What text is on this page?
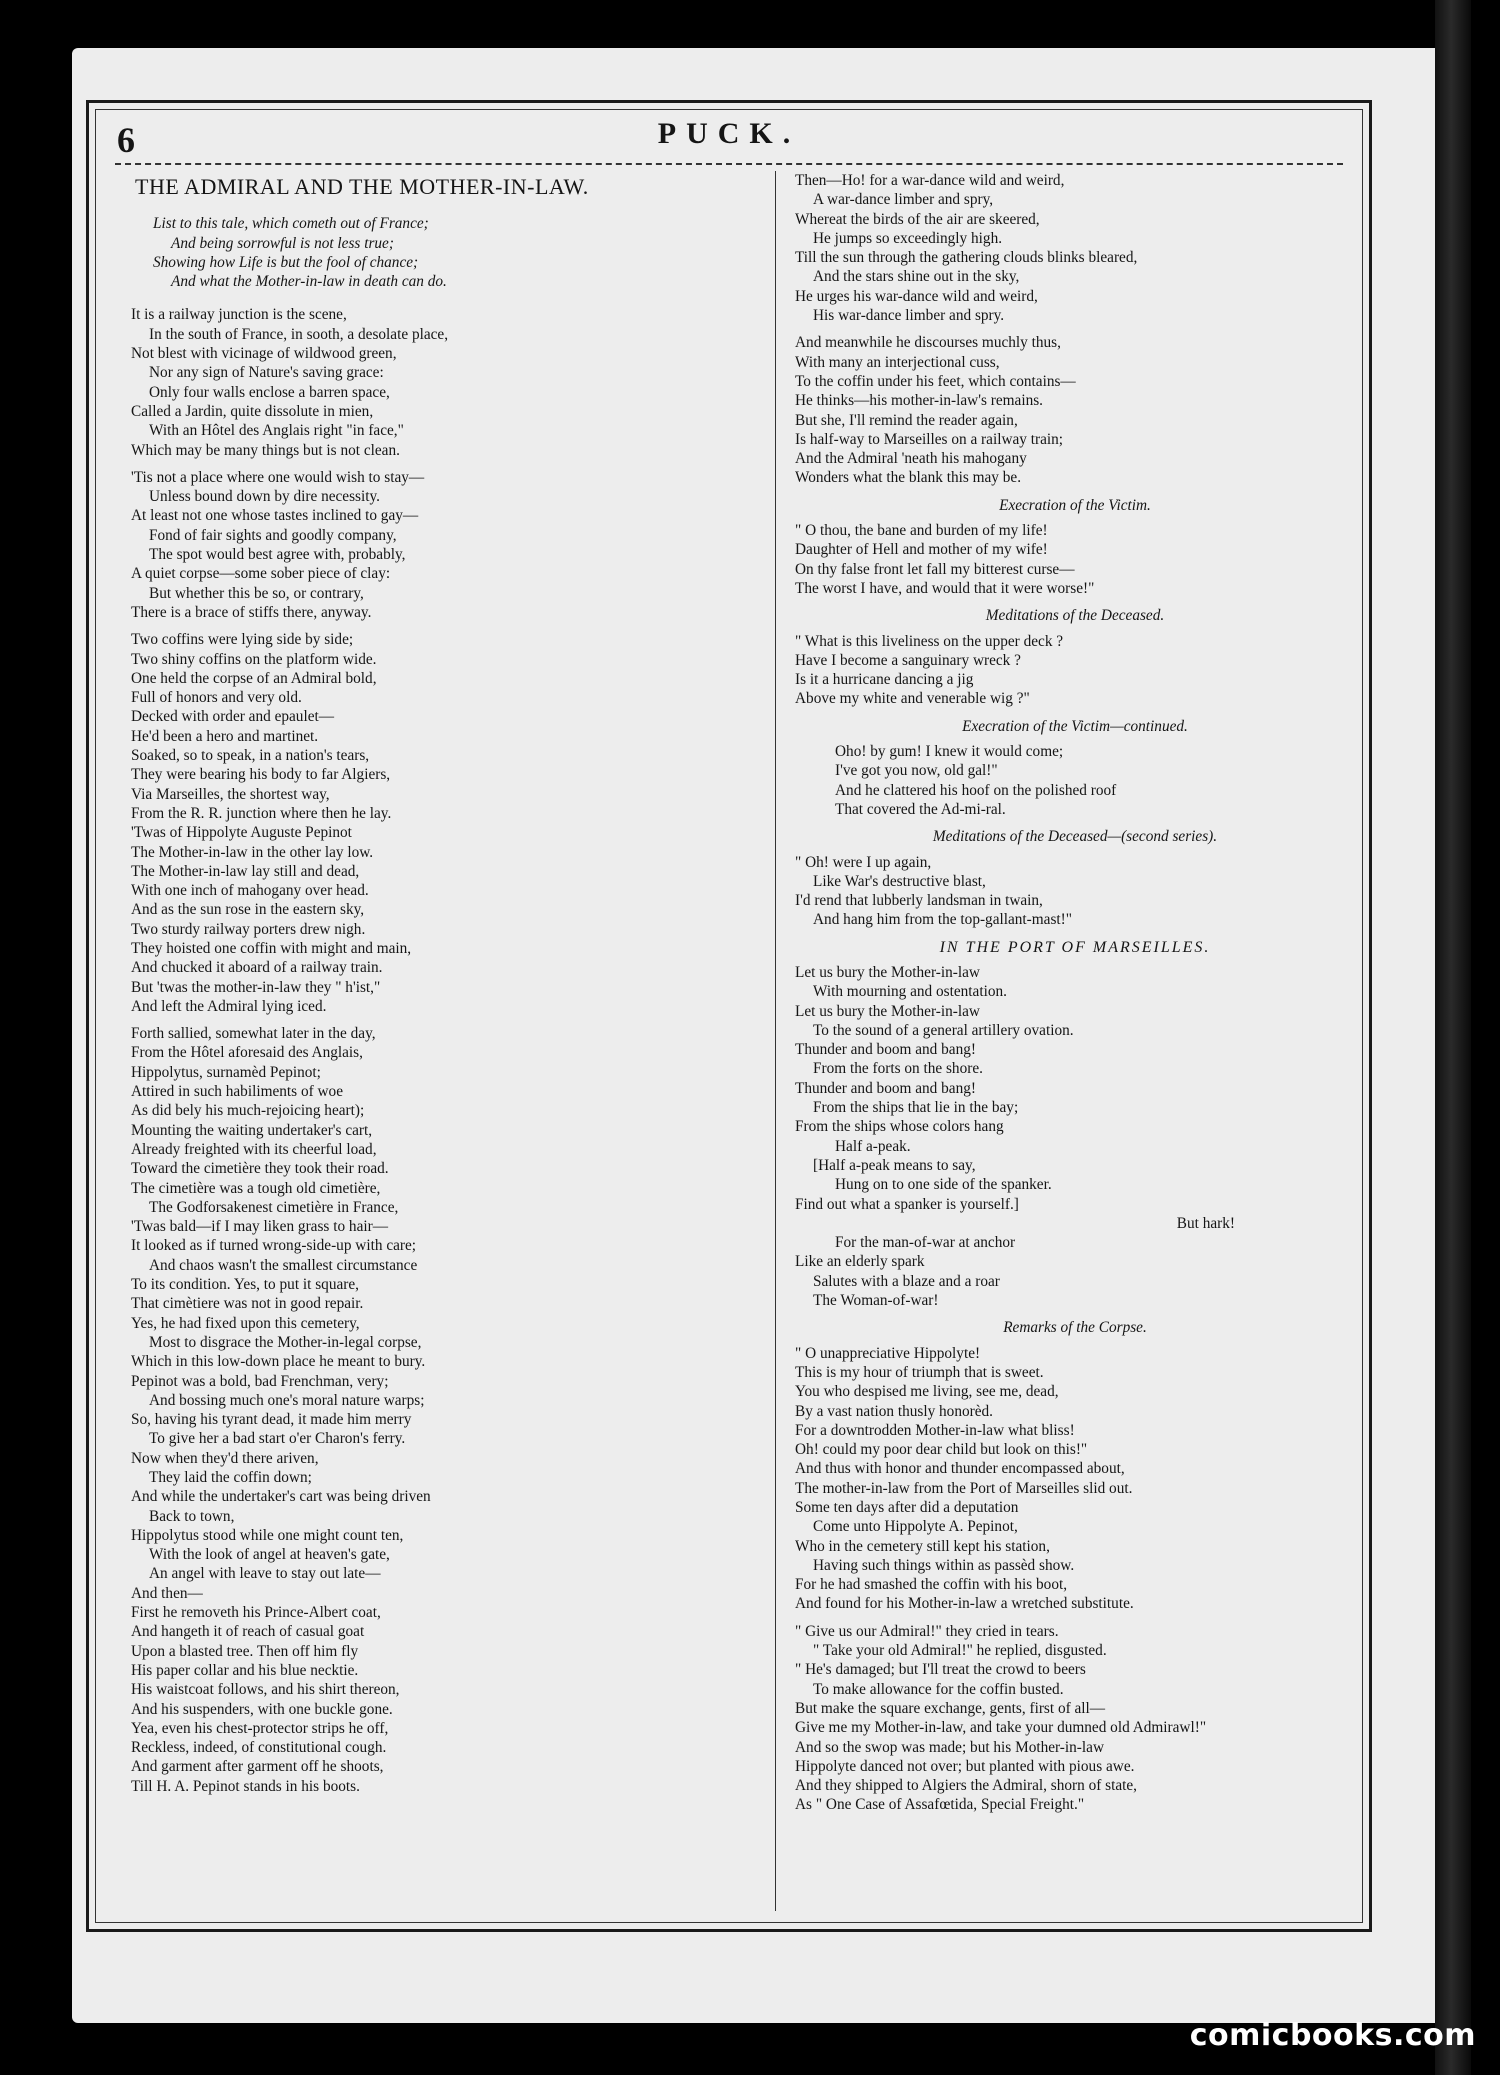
6	PUCK.
THE ADMIRAL AND THE MOTHER-IN-LAW.
List to this tale, which cometh out of France;
And being sorrowful is not less true;
Showing how Life is but the fool of chance;
And what the Mother-in-law in death can do.
It is a railway junction is the scene,
In the south of France, in sooth, a desolate place,
Not blest with vicinage of wildwood green,
Nor any sign of Nature's saving grace:
Only four walls enclose a barren space,
Called a Jardin, quite dissolute in mien,
With an Hôtel des Anglais right "in face,"
Which may be many things but is not clean.
'Tis not a place where one would wish to stay—
Unless bound down by dire necessity.
At least not one whose tastes inclined to gay—
Fond of fair sights and goodly company,
The spot would best agree with, probably,
A quiet corpse—some sober piece of clay:
But whether this be so, or contrary,
There is a brace of stiffs there, anyway.
Two coffins were lying side by side;
Two shiny coffins on the platform wide.
One held the corpse of an Admiral bold,
Full of honors and very old.
Decked with order and epaulet—
He'd been a hero and martinet.
Soaked, so to speak, in a nation's tears,
They were bearing his body to far Algiers,
Via Marseilles, the shortest way,
From the R. R. junction where then he lay.
'Twas of Hippolyte Auguste Pepinot
The Mother-in-law in the other lay low.
The Mother-in-law lay still and dead,
With one inch of mahogany over head.
And as the sun rose in the eastern sky,
Two sturdy railway porters drew nigh.
They hoisted one coffin with might and main,
And chucked it aboard of a railway train.
But 'twas the mother-in-law they " h'ist,"
And left the Admiral lying iced.
Forth sallied, somewhat later in the day,
From the Hôtel aforesaid des Anglais,
Hippolytus, surnamèd Pepinot;
Attired in such habiliments of woe
As did bely his much-rejoicing heart);
Mounting the waiting undertaker's cart,
Already freighted with its cheerful load,
Toward the cimetière they took their road.
The cimetière was a tough old cimetière,
The Godforsakenest cimetière in France,
'Twas bald—if I may liken grass to hair—
It looked as if turned wrong-side-up with care;
And chaos wasn't the smallest circumstance
To its condition. Yes, to put it square,
That cimètiere was not in good repair.
Yes, he had fixed upon this cemetery,
Most to disgrace the Mother-in-legal corpse,
Which in this low-down place he meant to bury.
Pepinot was a bold, bad Frenchman, very;
And bossing much one's moral nature warps;
So, having his tyrant dead, it made him merry
To give her a bad start o'er Charon's ferry.
Now when they'd there ariven,
They laid the coffin down;
And while the undertaker's cart was being driven
Back to town,
Hippolytus stood while one might count ten,
With the look of angel at heaven's gate,
An angel with leave to stay out late—
And then—
First he removeth his Prince-Albert coat,
And hangeth it of reach of casual goat
Upon a blasted tree. Then off him fly
His paper collar and his blue necktie.
His waistcoat follows, and his shirt thereon,
And his suspenders, with one buckle gone.
Yea, even his chest-protector strips he off,
Reckless, indeed, of constitutional cough.
And garment after garment off he shoots,
Till H. A. Pepinot stands in his boots.
Then—Ho! for a war-dance wild and weird,
A war-dance limber and spry,
Whereat the birds of the air are skeered,
He jumps so exceedingly high.
Till the sun through the gathering clouds blinks bleared,
And the stars shine out in the sky,
He urges his war-dance wild and weird,
His war-dance limber and spry.
And meanwhile he discourses muchly thus,
With many an interjectional cuss,
To the coffin under his feet, which contains—
He thinks—his mother-in-law's remains.
But she, I'll remind the reader again,
Is half-way to Marseilles on a railway train;
And the Admiral 'neath his mahogany
Wonders what the blank this may be.
Execration of the Victim.
" O thou, the bane and burden of my life!
Daughter of Hell and mother of my wife!
On thy false front let fall my bitterest curse—
The worst I have, and would that it were worse!"
Meditations of the Deceased.
" What is this liveliness on the upper deck ?
Have I become a sanguinary wreck ?
Is it a hurricane dancing a jig
Above my white and venerable wig ?"
Execration of the Victim—continued.
Oho! by gum! I knew it would come;
I've got you now, old gal!"
And he clattered his hoof on the polished roof
That covered the Ad-mi-ral.
Meditations of the Deceased—(second series).
" Oh! were I up again,
Like War's destructive blast,
I'd rend that lubberly landsman in twain,
And hang him from the top-gallant-mast!"
IN THE PORT OF MARSEILLES.
Let us bury the Mother-in-law
With mourning and ostentation.
Let us bury the Mother-in-law
To the sound of a general artillery ovation.
Thunder and boom and bang!
From the forts on the shore.
Thunder and boom and bang!
From the ships that lie in the bay;
From the ships whose colors hang
Half a-peak.
[Half a-peak means to say,
Hung on to one side of the spanker.
Find out what a spanker is yourself.]
But hark!
For the man-of-war at anchor
Like an elderly spark
Salutes with a blaze and a roar
The Woman-of-war!
Remarks of the Corpse.
" O unappreciative Hippolyte!
This is my hour of triumph that is sweet.
You who despised me living, see me, dead,
By a vast nation thusly honorèd.
For a downtrodden Mother-in-law what bliss!
Oh! could my poor dear child but look on this!"
And thus with honor and thunder encompassed about,
The mother-in-law from the Port of Marseilles slid out.
Some ten days after did a deputation
Come unto Hippolyte A. Pepinot,
Who in the cemetery still kept his station,
Having such things within as passèd show.
For he had smashed the coffin with his boot,
And found for his Mother-in-law a wretched substitute.
" Give us our Admiral!" they cried in tears.
" Take your old Admiral!" he replied, disgusted.
" He's damaged; but I'll treat the crowd to beers
To make allowance for the coffin busted.
But make the square exchange, gents, first of all—
Give me my Mother-in-law, and take your dumned old Admirawl!"
And so the swop was made; but his Mother-in-law
Hippolyte danced not over; but planted with pious awe.
And they shipped to Algiers the Admiral, shorn of state,
As " One Case of Assafœtida, Special Freight."
comicbooks.com
